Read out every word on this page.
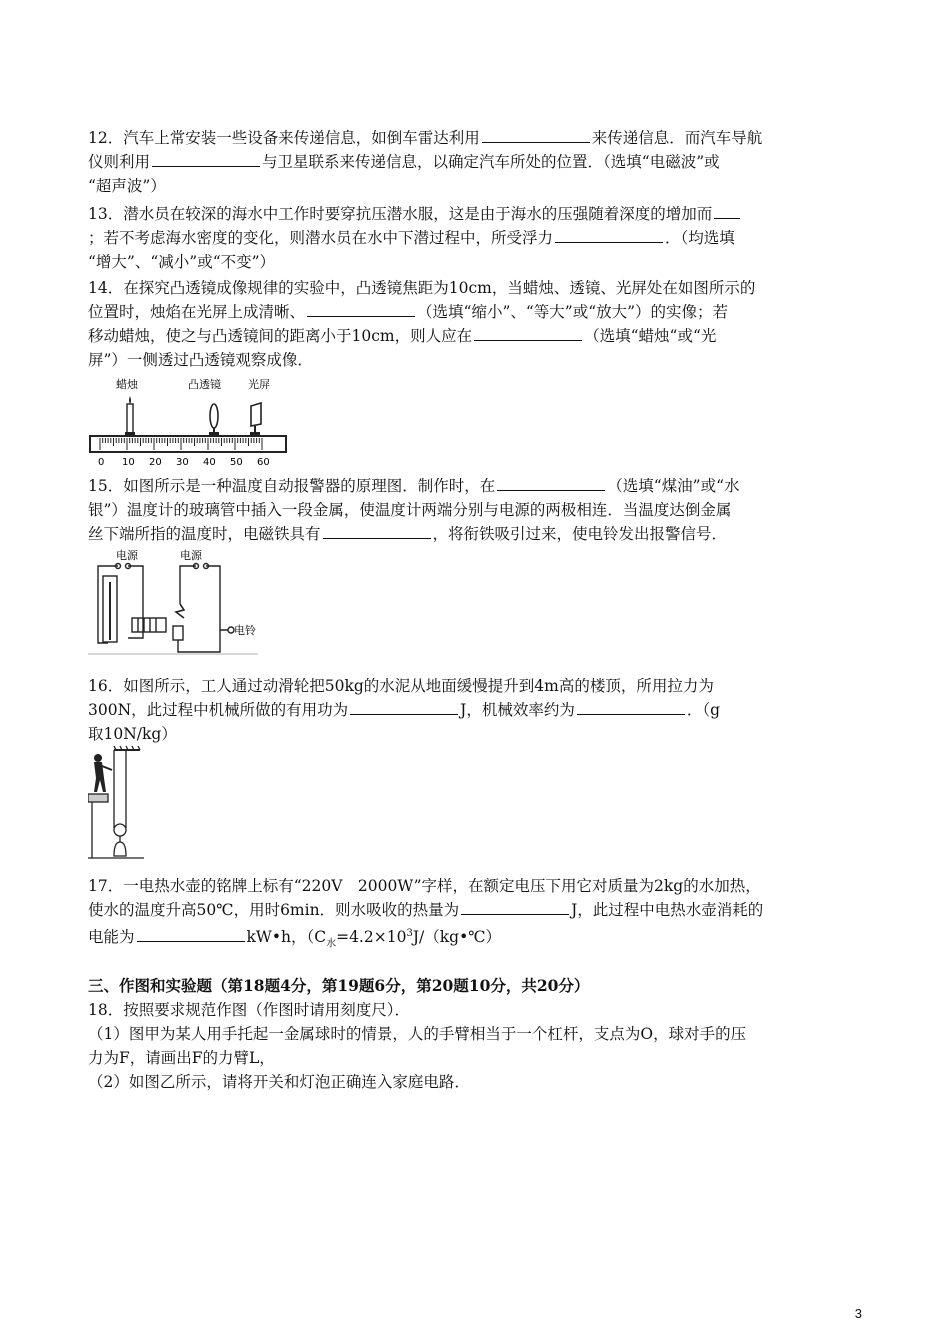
12．汽车上常安装一些设备来传递信息，如倒车雷达利用	来传递信息．而汽车导航
仪则利用	与卫星联系来传递信息，以确定汽车所处的位置．（选填“电磁波”或
“超声波”）
13．潜水员在较深的海水中工作时要穿抗压潜水服，这是由于海水的压强随着深度的增加而
；若不考虑海水密度的变化，则潜水员在水中下潜过程中，所受浮力	．（均选填
“增大”、“减小”或“不变”）
14．在探究凸透镜成像规律的实验中，凸透镜焦距为10cm，当蜡烛、透镜、光屏处在如图所示的
位置时，烛焰在光屏上成清晰、	（选填“缩小”、“等大”或“放大”）的实像；若
移动蜡烛，使之与凸透镜间的距离小于10cm，则人应在	（选填“蜡烛“或“光
屏”）一侧透过凸透镜观察成像．
蜡烛	凸透镜 光屏
0 10 20 30 40 50 60
15．如图所示是一种温度自动报警器的原理图．制作时，在	（选填“煤油”或“水
银”）温度计的玻璃管中插入一段金属，使温度计两端分别与电源的两极相连．当温度达倒金属
丝下端所指的温度时，电磁铁具有	，将衔铁吸引过来，使电铃发出报警信号．
电源	电源
电铃
16．如图所示，工人通过动滑轮把50kg的水泥从地面缓慢提升到4m高的楼顶，所用拉力为
300N，此过程中机械所做的有用功为	J，机械效率约为	．（g
取10N/kg）
17．一电热水壶的铭牌上标有“220V　2000W”字样，在额定电压下用它对质量为2kg的水加热，
使水的温度升高50℃，用时6min．则水吸收的热量为	J，此过程中电热水壶消耗的
电能为	kW•h，（$C_水=4.2\times 10^3J/(kg•℃)$
三、作图和实验题（第18题4分，第19题6分，第20题10分，共20分）
18．按照要求规范作图（作图时请用刻度尺）．
（1）图甲为某人用手托起一金属球时的情景，人的手臂相当于一个杠杆，支点为O，球对手的压
力为F，请画出F的力臂L，
（2）如图乙所示，请将开关和灯泡正确连入家庭电路．
3
